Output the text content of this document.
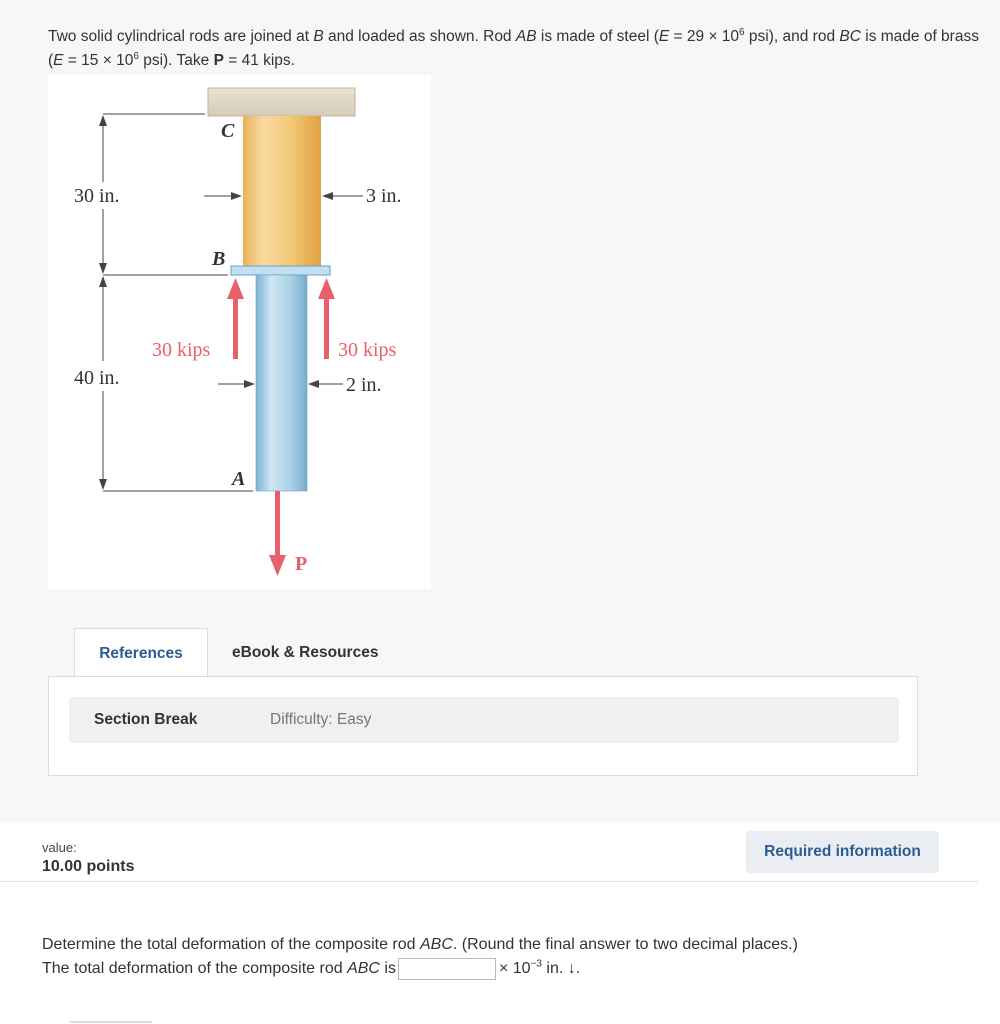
Two solid cylindrical rods are joined at B and loaded as shown. Rod AB is made of steel ($E = 29 \times 10^6$ psi), and rod BC is made of brass ($E = 15 \times 10^6$ psi). Take P = 41 kips.
C
B
A
P
30 in.
40 in.
3 in.
2 in.
30 kips	30 kips
References	eBook & Resources
Section Break	Difficulty: Easy
value:
10.00 points
Required information
Determine the total deformation of the composite rod ABC. (Round the final answer to two decimal places.)
The total deformation of the composite rod ABC is	× $10^{-3}$ in. ↓.
